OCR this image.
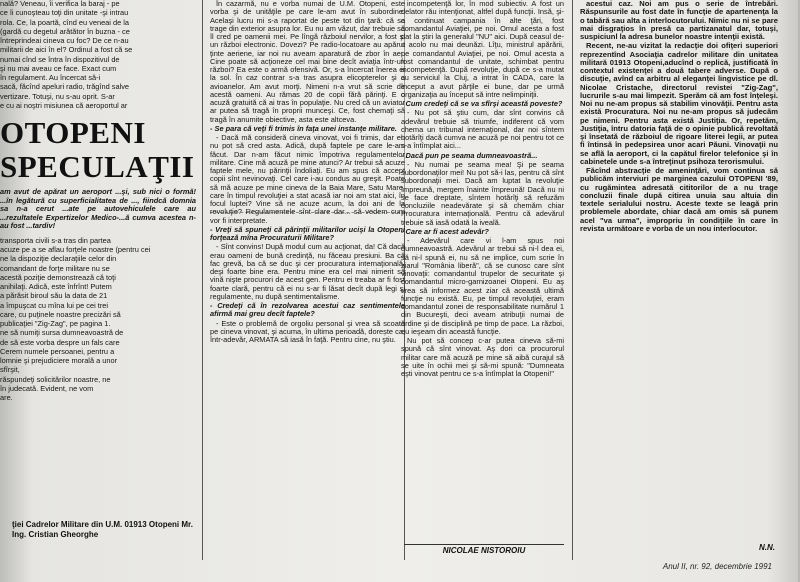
nală? Veneau, îi verifica la baraj - pe

ce îi cunoşteau toţi din unitate -şi intrau

rola. Ce, la poartă, cînd eu veneai de la

(gardă cu degetul arătător în buzna - ce

întreprindeai cineva cu foc? De ce n-au

militarii de aici în el? Ordinul a fost că se

numai cînd se întra în dispozitivul de

şi nu mai aveau ce face. Exact cum

în regulament. Au încercat să-i

sacă, făcînd apeluri radio, trăgînd salve

vertizare. Totuşi, nu s-au oprit. S-ar

e cu ai noştri misiunea că aeroportul ar

OTOPENI
SPECULAŢII
am avut de apărat un aeroport ...şi, sub nici o formă! ...în legătură cu superficialitatea de ..., fiindcă domnia sa n-a cerut ...ate pe autovehiculele care au ...rezultatele Expertizelor Medico-...ă cumva acestea n-au fost ...tardiv!

transporta civili s-a tras din partea

acuze pe a se aflau forţele noastre (pentru cei

ne la dispoziţie declaraţiile celor din

comandant de forţe militare nu se

acestă poziţie demonstrează că toţi

anihilaţi. Adică, este înfrînt! Putem

a părăsit biroul său la data de 21

a împuşcat cu mîna lui pe cei trei

care, cu puţinele noastre precizări să

publicaţiei "Zig-Zag", pe pagina 1.

ne să numiţi sursa dumneavoastră de

de să este vorba despre un fals care

Cerem numele persoanei, pentru a

lomnie şi prejudiciere morală a unor

sfîrşit,

răspundeţi solicitărilor noastre, ne

în judecată. Evident, ne vom

are.

ţiei Cadrelor Militare din U.M. 01913 Otopeni Mr. Ing. Cristian Gheorghe

În cazarmă, nu e vorba numai de U.M. Otopeni, este vorba şi de unităţile pe care le-am avut în subordine. Acelaşi lucru mi s-a raportat de peste tot din ţară: că se trage din exterior asupra lor. Eu nu am văzut, dar trebuie să îl cred pe oamenii mei. Pe lîngă războiul nervilor, a fost şi un război electronic. Dovezi? Pe radio-locatoare au apărut ţinte aeriene, iar noi nu aveam aparatură de zbor în aer. Cine poate să acţioneze cel mai bine decît aviaţia într-un război? Ea este o armă ofensivă. Or, s-a încercat înerea ei la sol. În caz contrar s-a tras asupra elicopterelor şi a avioanelor. Am avut morţi. Nimeni n-a vrut să scrie de acestă oameni. Au rămas 20 de copii fără părinţi. E o acuză gratuită că ai tras în populaţie. Nu cred că un aviator ar putea să tragă în proprii munceşi. Ce, fost chemaţi să tragă în anumite obiective, asta este altceva.

- Se para că veţi fi trimis în faţa unei instanţe militare.

- Dacă mă consideră cineva vinovat, voi fi trimis, dar eu nu pot să cred asta. Adică, după faptele pe care le-am făcut. Dar n-am făcut nimic împotriva regulamentelor militare. Cine mă acuză pe mine atunci? Ar trebui să acuze faptele mele, nu părinţii îndoliaţi. Eu am spus că accept copii sînt nevinovaţi. Cel care i-au condus au greşit. Poate să mă acuze pe mine cineva de la Baia Mare, Satu Mare, care în timpul revoluţiei a stat acasă iar noi am stat aici, în focul luptei? Vine să ne acuze acum, la doi ani de la revoluţie? Regulamentele sînt clare dar... să vedem cum vor fi interpretate.

- Vreţi să spuneţi că părinţii militarilor ucişi la Otopeni forţează mîna Procuraturii Militare?

- Sînt convins! După modul cum au acţionat, da! Că dacă erau oameni de bună credinţă, nu făceau presiuni. Ba că fac grevă, ba că se duc şi cer procuratura internaţională, deşi foarte bine era. Pentru mine era cel mai nimerit să vină nişte procurori de acest gen. Pentru ei treaba ar fi fost foarte clară, pentru că ei nu s-ar fi lăsat decît după legi şi regulamente, nu după sentimentalisme.

- Credeţi că în rezolvarea acestui caz sentimentele afirmă mai greu decît faptele?

- Este o problemă de orgoliu personal şi vrea să scoată pe cineva vinovat, şi acuma, în ultima perioadă, dorește ca, într-adevăr, ARMATA să iasă în faţă. Pentru cine, nu ştiu.

incompetenţă lor, în mod subiectiv. A fost un delator rău intenţionat, altfel după funcţii. Insă, şi-a continuat campania în alte ţări, fost comandantul Aviaţiei, pe noi. Omul acesta a fost dat la ştiri la generalul "NU" aici. După ceasul de-u acolo nu mai deunăzi. Lîţu, ministrul apărării, pe comandantul Aviaţiei, pe noi. Omul acesta a fost comandantul de unitate, schimbat pentru incompetenţă. După revoluţie, după ce s-a mutat cu serviciul la Cluj, a intrat în CADA, care la început a avut părţile ei bune, dar pe urmă organizaţia au început să intre nelimpiniţii.

- Cum credeţi că se va sfîrşi această poveste?

- Nu pot să ştiu cum, dar sînt convins că adevărul trebuie să triumfe, indiferent că vom chema un tribunal internaţional, dar noi sîntem hotărîţi dacă cumva ne acuză pe noi pentru tot ce s-a întîmplat aici...

- Dacă pun pe seama dumneavoastră...

- Nu numai pe seama mea! Şi pe seama subordonaţilor mei! Nu pot să-i las, pentru că sînt subordonaţii mei. Dacă am luptat la revoluţie împreună, mergem înainte împreună! Dacă nu ni se face dreptate, sîntem hotărîţi să refuzăm concluziile neadevărate şi să chemăm chiar Procuratura internaţională. Pentru că adevărul trebuie să iasă odată la iveală.

- Care ar fi acest adevăr?

- Adevărul care vi l-am spus noi dumneavoastră. Adevărul ar trebui să ni-l dea ei, să ni-l spună ei, nu să ne implice, cum scrie în ziarul "România liberă", că se cunosc care sînt vinovaţii: comandantul trupelor de securitate şi comandantul micro-garnizoanei Otopeni. Eu aş vrea să informez acest ziar că această ultimă funcţie nu există. Eu, pe timpul revoluţiei, eram comandantul zonei de responsabilitate numărul 1 din Bucureşti, deci aveam atribuţii numai de ordine şi de disciplină pe timp de pace. La război, eu ieşeam din această funcţie.

Nu pot să concep c-ar putea cineva să-mi spună că sînt vinovat. Aş dori ca procurorul militar care mă acuză pe mine să aibă curajul să se uite în ochii mei şi să-mi spună: "Dumneata eşti vinovat pentru ce s-a întîmplat la Otopeni!"

NICOLAE NISTOROIU

acestui caz. Noi am pus o serie de întrebări. Răspunsurile au fost date în funcţie de apartenenţa la o tabără sau alta a interlocutorului. Nimic nu ni se pare mai disgraţios în presă ca partizanatul dar, totuşi, suspiciunl la adresa bunelor noastre intenţii există.

Recent, ne-au vizitat la redacţie doi ofiţeri superiori reprezentînd Asociaţia cadrelor militare din unitatea militară 01913 Otopeni,aducînd o replică, justificată în contextul existenţei a două tabere adverse. După o discuţie, avînd ca arbitru al eleganţei lingvistice pe dl. Nicolae Cristache, directorul revistei "Zig-Zag", lucrurile s-au mai limpezit. Sperăm că am fost înţeleşi. Noi nu ne-am propus să stabilim vinovăţii. Pentru asta există Procuratura. Noi nu ne-am propus să judecăm pe nimeni. Pentru asta există Justiţia. Or, repetăm, Justiţia, întru datoria faţă de o opinie publică revoltată şi însetată de războiul de rigoare literei legii, ar putea fi întinsă în pedepsirea unor acari Păuni. Vinovaţii nu se află la aeroport, ci la capătul firelor telefonice şi în cabinetele unde s-a întreţinut psihoza terorismului.

Făcînd abstracţie de ameninţări, vom continua să publicăm interviuri pe marginea cazului OTOPENI '89, cu rugămintea adresată cititorilor de a nu trage concluzii finale după citirea unuia sau altuia din textele serialului nostru. Aceste texte se leagă prin problemele abordate, chiar dacă am omis să punem acel "va urma", impropriu în condiţiile în care în revista următoare e vorba de un nou interlocutor.

N.N.
Anul II, nr. 92, decembrie 1991
